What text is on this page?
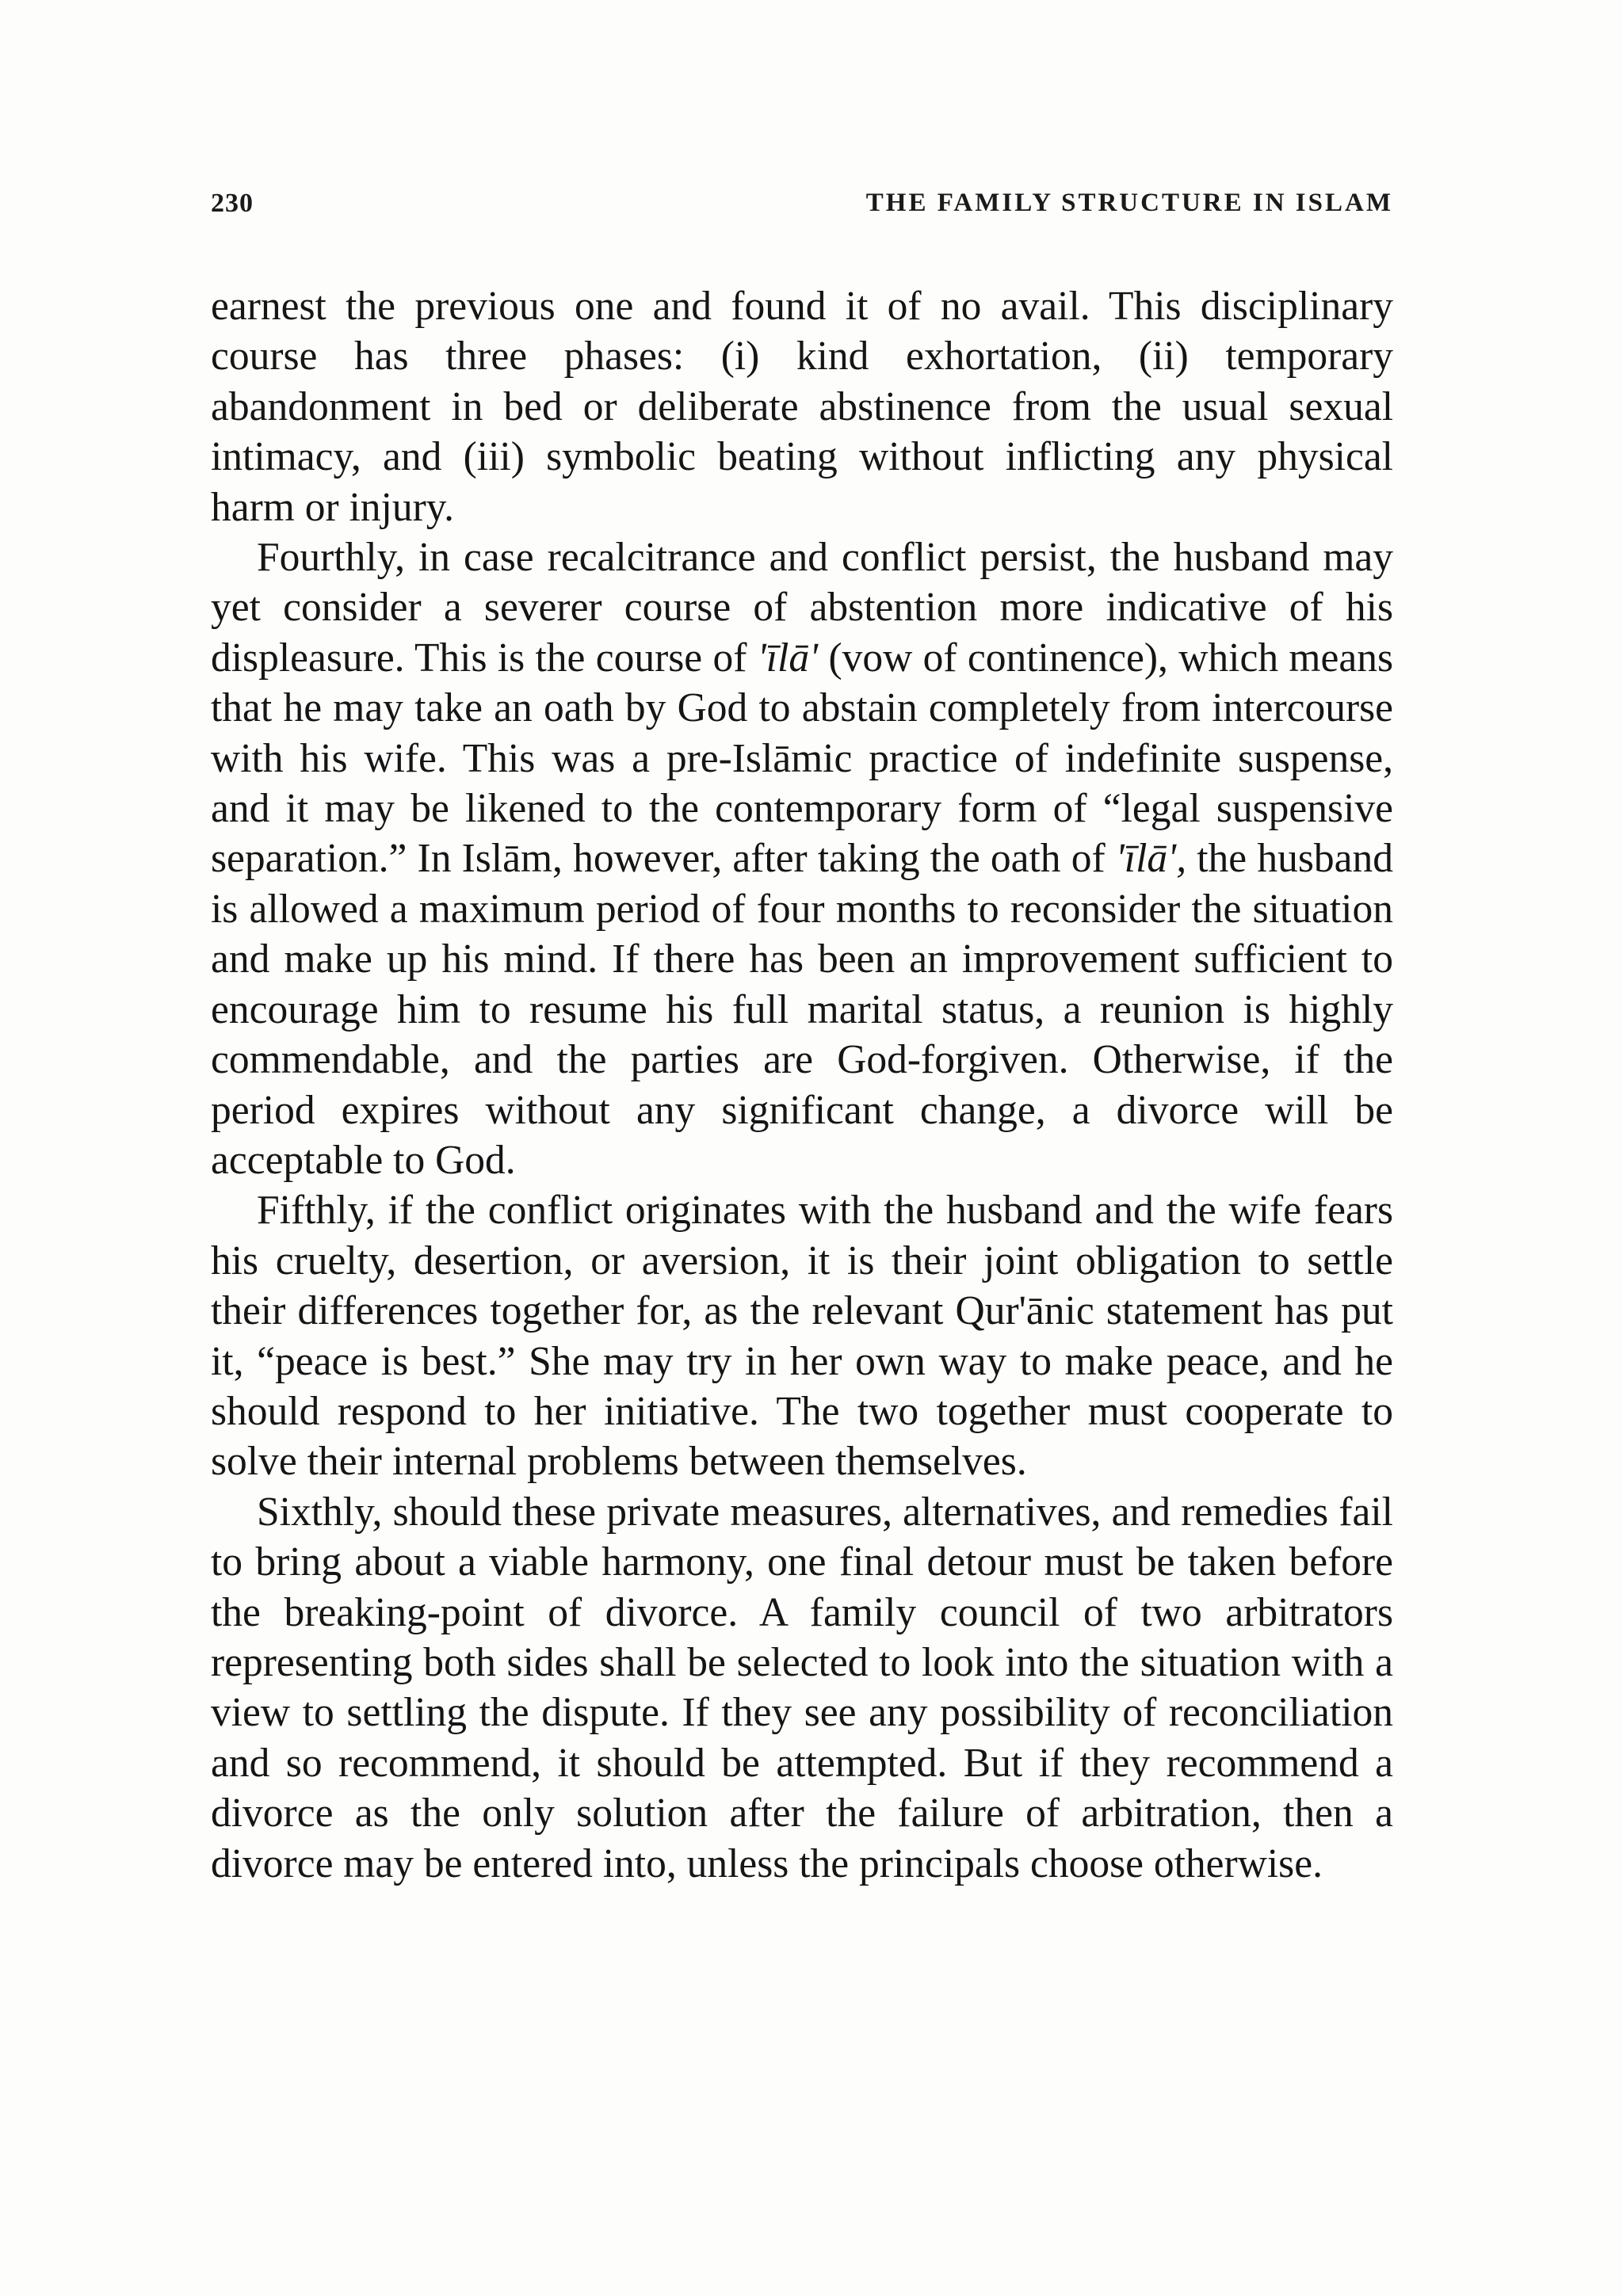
230	THE FAMILY STRUCTURE IN ISLAM

earnest the previous one and found it of no avail. This disciplinary course has three phases: (i) kind exhortation, (ii) temporary abandonment in bed or deliberate abstinence from the usual sexual intimacy, and (iii) symbolic beating without inflicting any physical harm or injury.

Fourthly, in case recalcitrance and conflict persist, the husband may yet consider a severer course of abstention more indicative of his displeasure. This is the course of 'īlā' (vow of continence), which means that he may take an oath by God to abstain completely from intercourse with his wife. This was a pre-Islāmic practice of indefinite suspense, and it may be likened to the contemporary form of “legal suspensive separation.” In Islām, however, after taking the oath of 'īlā', the husband is allowed a maximum period of four months to reconsider the situation and make up his mind. If there has been an improvement sufficient to encourage him to resume his full marital status, a reunion is highly commendable, and the parties are God-forgiven. Otherwise, if the period expires without any significant change, a divorce will be acceptable to God.

Fifthly, if the conflict originates with the husband and the wife fears his cruelty, desertion, or aversion, it is their joint obligation to settle their differences together for, as the relevant Qur'ānic statement has put it, “peace is best.” She may try in her own way to make peace, and he should respond to her initiative. The two together must cooperate to solve their internal problems between themselves.

Sixthly, should these private measures, alternatives, and remedies fail to bring about a viable harmony, one final detour must be taken before the breaking-point of divorce. A family council of two arbitrators representing both sides shall be selected to look into the situation with a view to settling the dispute. If they see any possibility of reconciliation and so recommend, it should be attempted. But if they recommend a divorce as the only solution after the failure of arbitration, then a divorce may be entered into, unless the principals choose otherwise.
